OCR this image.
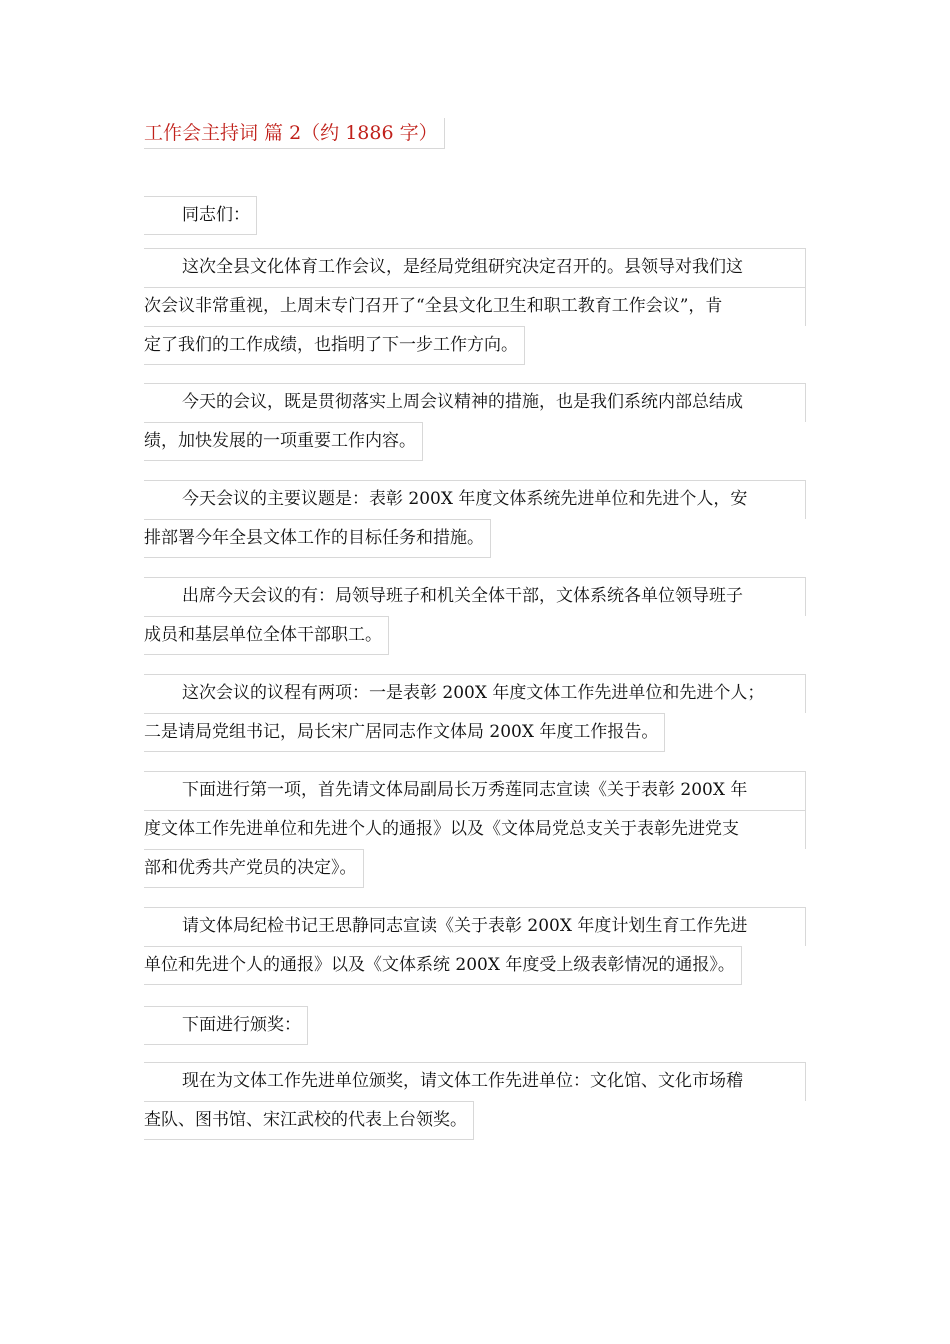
工作会主持词 篇 2（约 1886 字）
同志们：
这次全县文化体育工作会议，是经局党组研究决定召开的。县领导对我们这
次会议非常重视，上周末专门召开了“全县文化卫生和职工教育工作会议”，肯
定了我们的工作成绩，也指明了下一步工作方向。
今天的会议，既是贯彻落实上周会议精神的措施，也是我们系统内部总结成
绩，加快发展的一项重要工作内容。
今天会议的主要议题是：表彰 200X 年度文体系统先进单位和先进个人，安
排部署今年全县文体工作的目标任务和措施。
出席今天会议的有：局领导班子和机关全体干部，文体系统各单位领导班子
成员和基层单位全体干部职工。
这次会议的议程有两项：一是表彰 200X 年度文体工作先进单位和先进个人；
二是请局党组书记，局长宋广居同志作文体局 200X 年度工作报告。
下面进行第一项，首先请文体局副局长万秀莲同志宣读《关于表彰 200X 年
度文体工作先进单位和先进个人的通报》以及《文体局党总支关于表彰先进党支
部和优秀共产党员的决定》。
请文体局纪检书记王思静同志宣读《关于表彰 200X 年度计划生育工作先进
单位和先进个人的通报》以及《文体系统 200X 年度受上级表彰情况的通报》。
下面进行颁奖：
现在为文体工作先进单位颁奖，请文体工作先进单位：文化馆、文化市场稽
查队、图书馆、宋江武校的代表上台领奖。
